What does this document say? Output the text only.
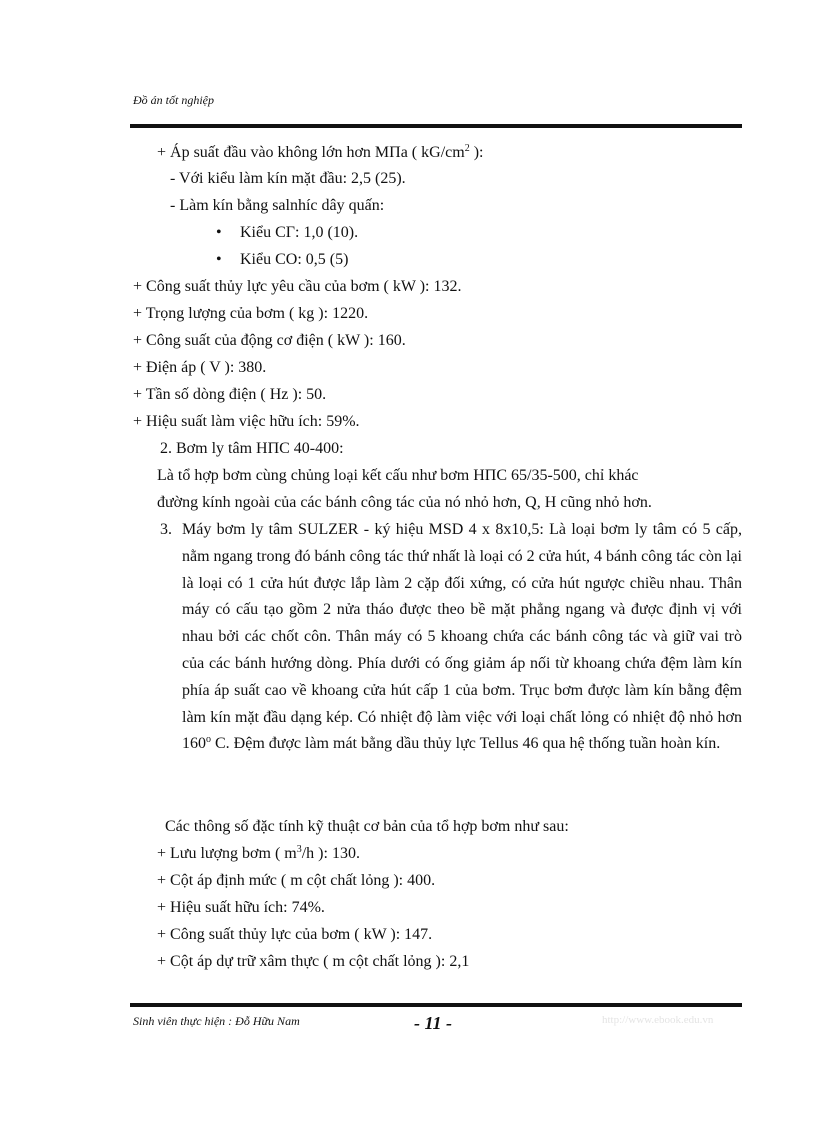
Đồ án tốt nghiệp
+ Áp suất đầu vào không lớn hơn MПa ( $kG/cm^2$ ):
- Với kiểu làm kín mặt đầu: 2,5 (25).
- Làm kín bằng salnhíc dây quấn:
• Kiểu CГ: 1,0 (10).
• Kiểu CO: 0,5 (5)
+ Công suất thủy lực yêu cầu của bơm ( kW ): 132.
+ Trọng lượng của bơm ( kg ): 1220.
+ Công suất của động cơ điện ( kW ): 160.
+ Điện áp ( V ): 380.
+ Tần số dòng điện ( Hz ): 50.
+ Hiệu suất làm việc hữu ích: 59%.
2. Bơm ly tâm HПC 40-400:
Là tổ hợp bơm cùng chủng loại kết cấu như bơm HПC 65/35-500, chỉ khác
đường kính ngoài của các bánh công tác của nó nhỏ hơn, Q, H cũng nhỏ hơn.
3. Máy bơm ly tâm SULZER - ký hiệu MSD 4 x 8x10,5: Là loại bơm ly tâm có 5 cấp, nằm ngang trong đó bánh công tác thứ nhất là loại có 2 cửa hút, 4 bánh công tác còn lại là loại có 1 cửa hút được lắp làm 2 cặp đối xứng, có cửa hút ngược chiều nhau. Thân máy có cấu tạo gồm 2 nửa tháo được theo bề mặt phẳng ngang và được định vị với nhau bởi các chốt côn. Thân máy có 5 khoang chứa các bánh công tác và giữ vai trò của các bánh hướng dòng. Phía dưới có ống giảm áp nối từ khoang chứa đệm làm kín phía áp suất cao về khoang cửa hút cấp 1 của bơm. Trục bơm được làm kín bằng đệm làm kín mặt đầu dạng kép. Có nhiệt độ làm việc với loại chất lỏng có nhiệt độ nhỏ hơn 160$^o$ C. Đệm được làm mát bằng dầu thủy lực Tellus 46 qua hệ thống tuần hoàn kín.
Các thông số đặc tính kỹ thuật cơ bản của tổ hợp bơm như sau:
+ Lưu lượng bơm ( $m^3/h$ ): 130.
+ Cột áp định mức ( m cột chất lỏng ): 400.
+ Hiệu suất hữu ích: 74%.
+ Công suất thủy lực của bơm ( kW ): 147.
+ Cột áp dự trữ xâm thực ( m cột chất lỏng ): 2,1
Sinh viên thực hiện : Đỗ Hữu Nam	- 11 -	http://www.ebook.edu.vn
